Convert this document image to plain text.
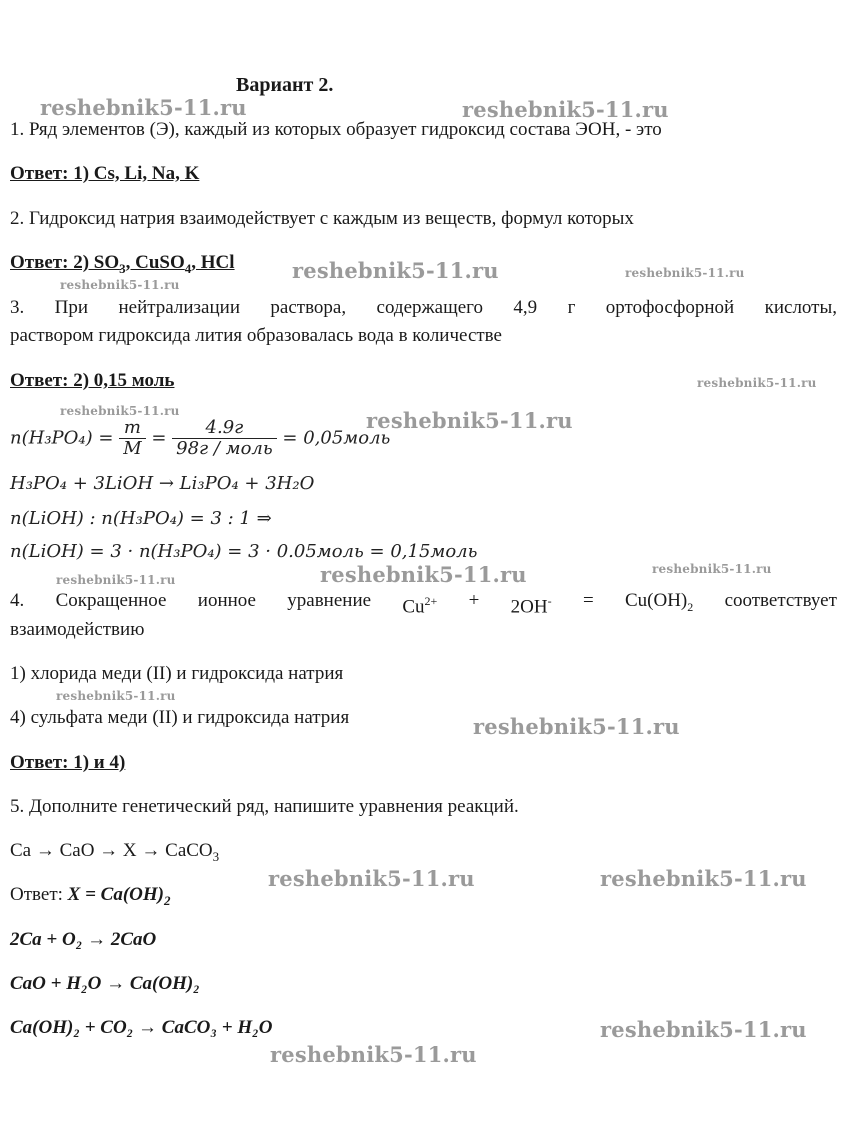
Вариант 2.
1. Ряд элементов (Э), каждый из которых образует гидроксид состава ЭОН, - это
Ответ: 1) Cs, Li, Na, K
2. Гидроксид натрия взаимодействует с каждым из веществ, формул которых
Ответ: 2) $SO_3$, CuSO$_4$, HCl
3. При нейтрализации раствора, содержащего 4,9 г ортофосфорной кислоты,
раствором гидроксида лития образовалась вода в количестве
Ответ: 2) 0,15 моль
$n(H_3PO_4) = \frac{m}{M} = \frac{4.9г}{\text{98г / моль}}$ = 0,05моль
H₃PO₄ + 3LiOH → Li₃PO₄ + 3H₂O
n(LiOH) : n(H₃PO₄) = 3 : 1 ⇒
n(LiOH) = 3 · n(H₃PO₄) = 3 · 0.05моль = 0,15моль
4. Сокращенное ионное уравнение $Cu^{2+} + 2OH^- = Cu(OH)_2$ соответствует
взаимодействию
1) хлорида меди (II) и гидроксида натрия
4) сульфата меди (II) и гидроксида натрия
Ответ: 1) и 4)
5. Дополните генетический ряд, напишите уравнения реакций.
Ca → CaO → X → CaCO$_3$
Ответ: $X = Ca(OH)_2$
2Ca + O₂ → 2CaO
CaO + H₂O → Ca(OH)₂
Ca(OH)₂ + CO₂ → CaCO₃ + H₂O
reshebnik5-11.ru	reshebnik5-11.ru
reshebnik5-11.ru	reshebnik5-11.ru
reshebnik5-11.ru
reshebnik5-11.ru
reshebnik5-11.ru	reshebnik5-11.ru
reshebnik5-11.ru	reshebnik5-11.ru
reshebnik5-11.ru
reshebnik5-11.ru
reshebnik5-11.ru
reshebnik5-11.ru	reshebnik5-11.ru
reshebnik5-11.ru
reshebnik5-11.ru
